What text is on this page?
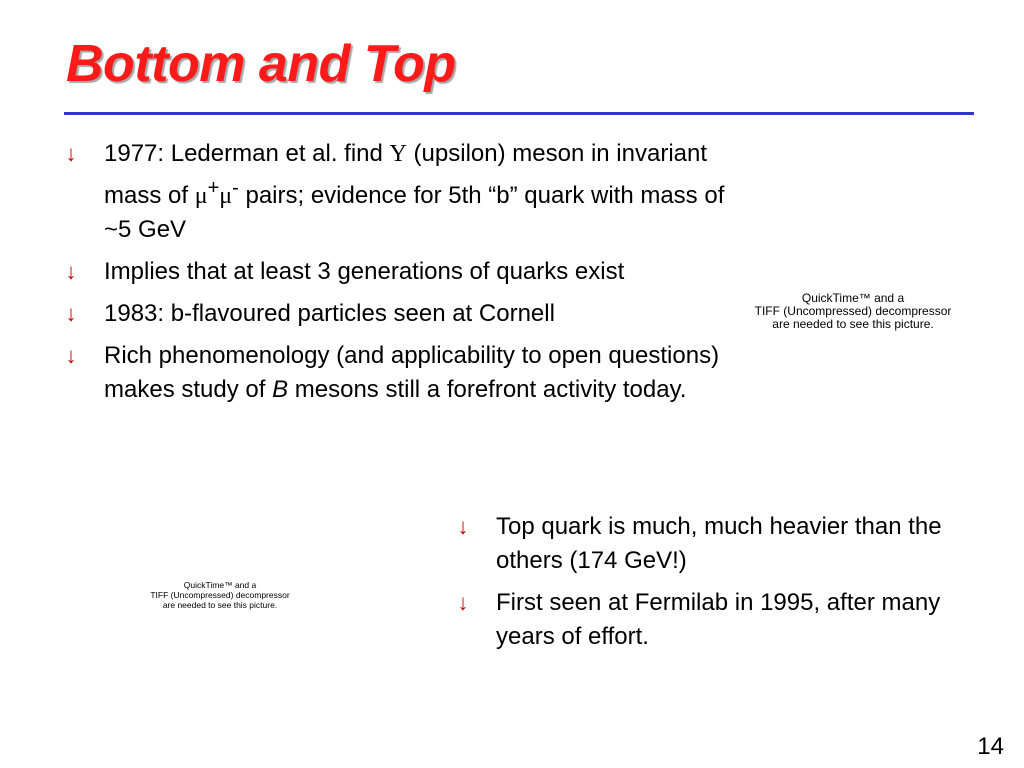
Bottom and Top
↓	1977: Lederman et al. find Υ (upsilon) meson in invariant mass of μ+μ- pairs; evidence for 5th “b” quark with mass of ~5 GeV
↓	Implies that at least 3 generations of quarks exist
↓	1983: b-flavoured particles seen at Cornell
↓	Rich phenomenology (and applicability to open questions) makes study of B mesons still a forefront activity today.
QuickTime™ and a
TIFF (Uncompressed) decompressor
are needed to see this picture.
QuickTime™ and a
TIFF (Uncompressed) decompressor
are needed to see this picture.
↓	Top quark is much, much heavier than the others (174 GeV!)
↓	First seen at Fermilab in 1995, after many years of effort.
14
